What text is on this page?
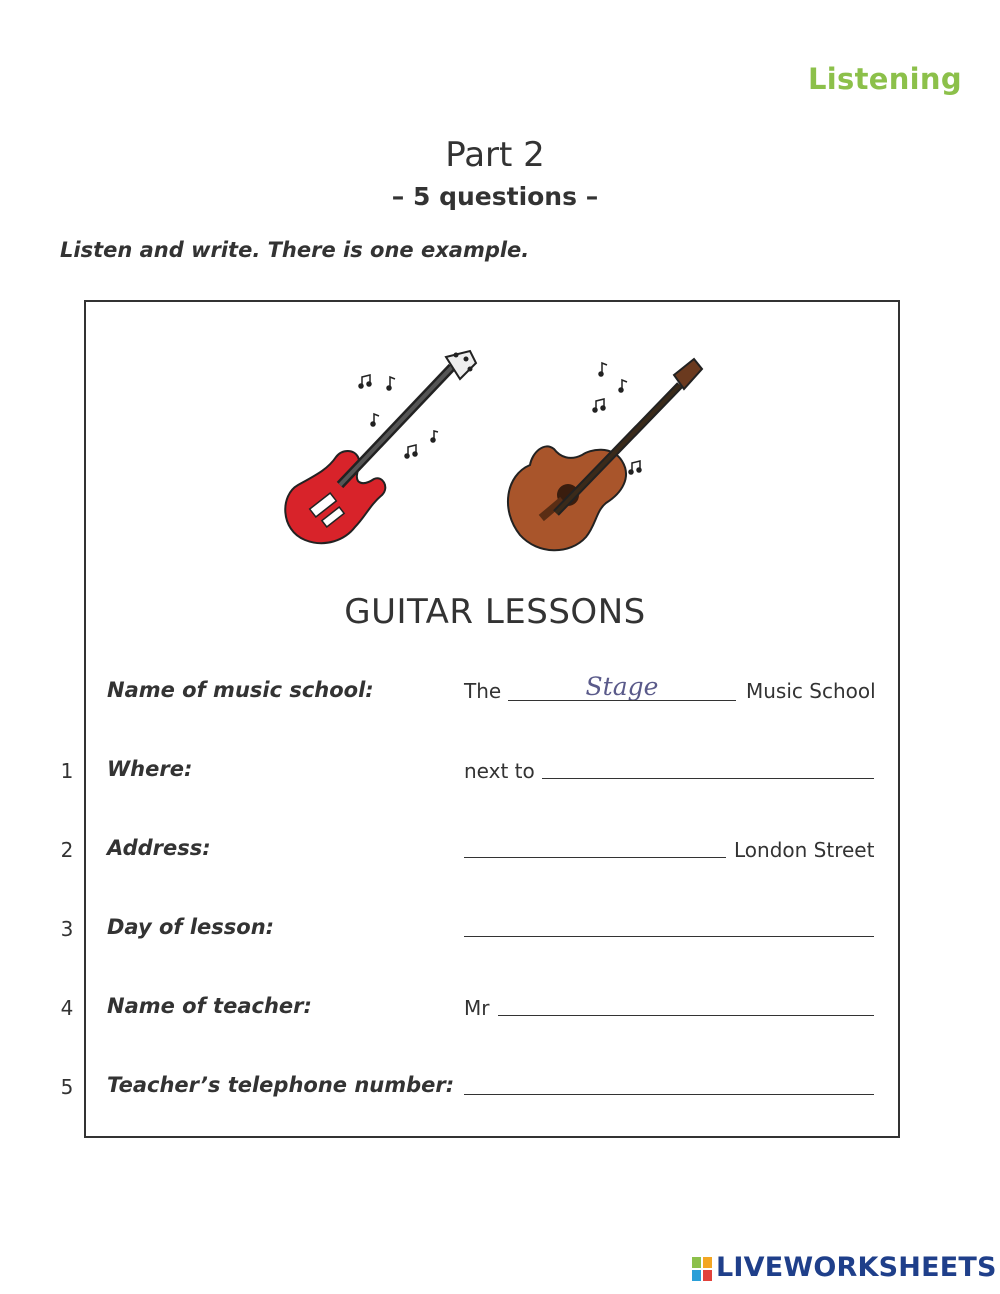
Listening
Part 2
– 5 questions –
Listen and write. There is one example.
GUITAR LESSONS
Name of music school:	The	Stage	Music School
1 Where:	next to
2 Address:	London Street
3 Day of lesson:
4 Name of teacher:	Mr
5 Teacher’s telephone number:
LIVEWORKSHEETS
